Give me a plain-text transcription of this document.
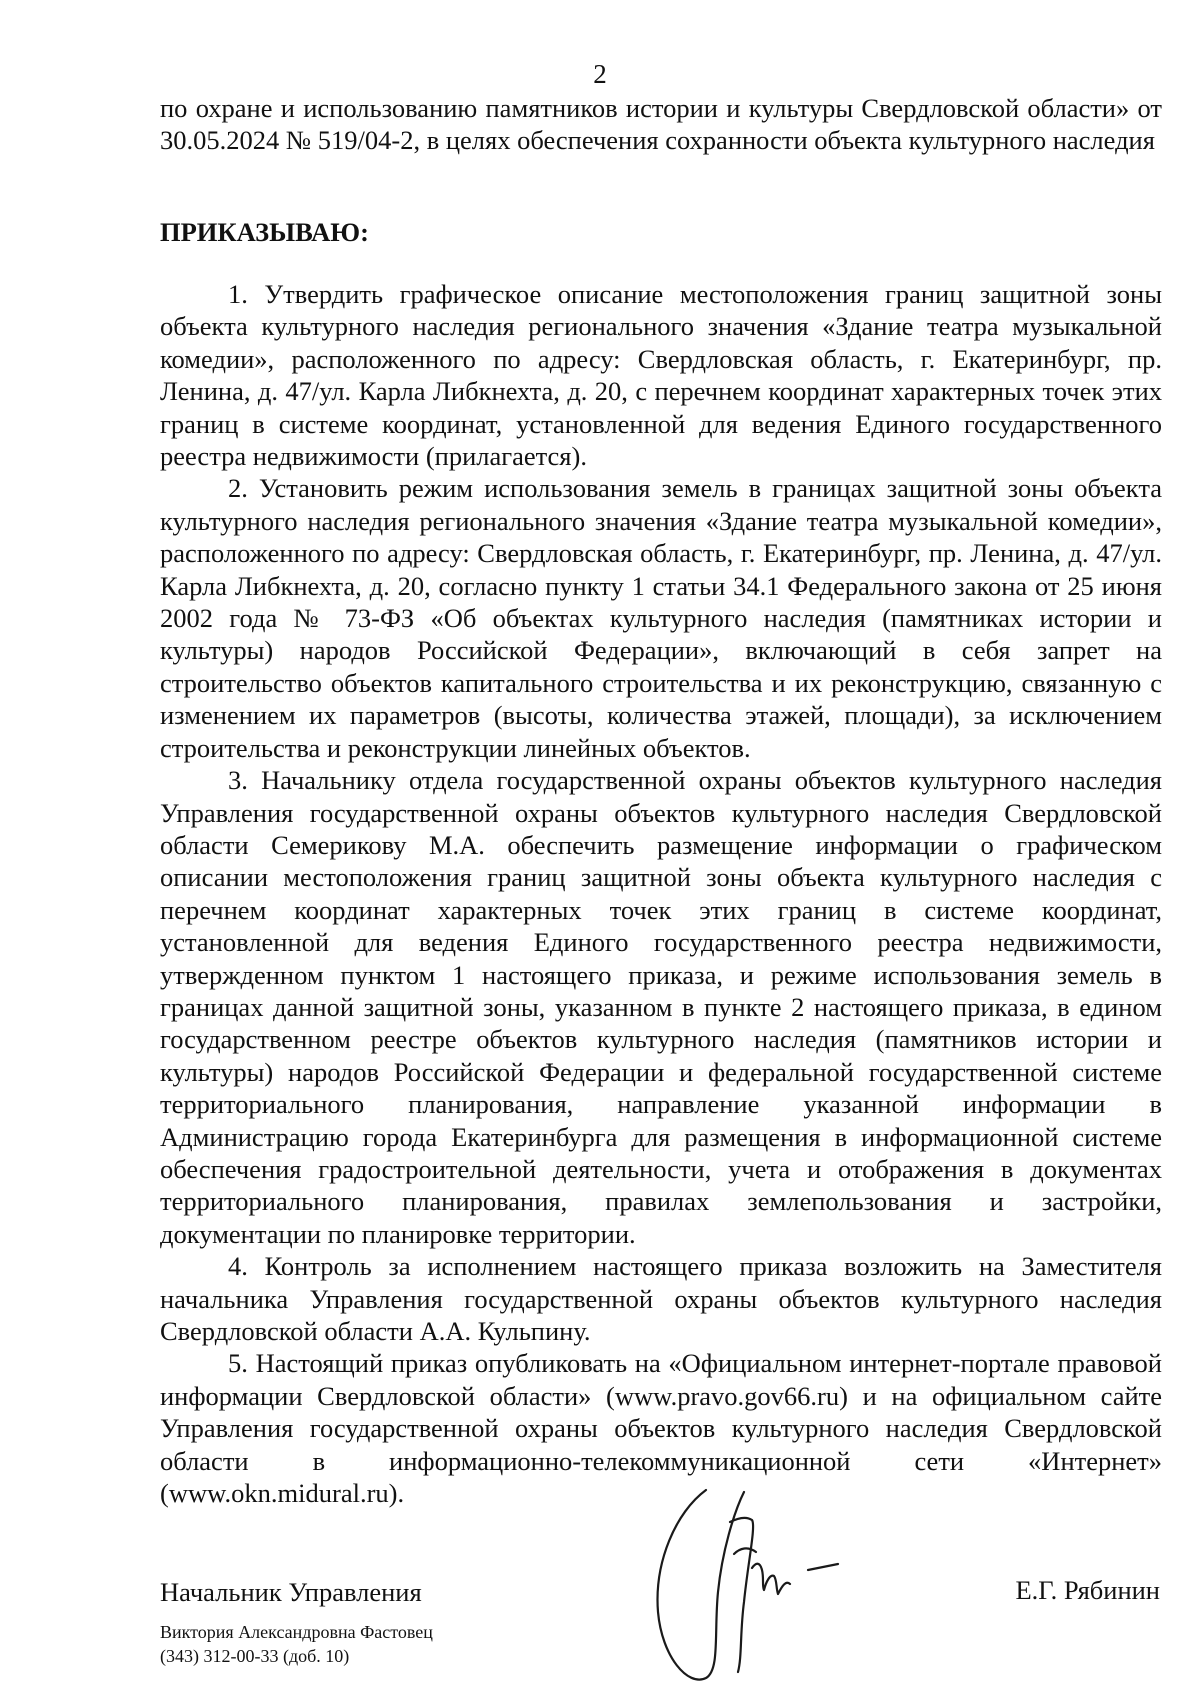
2
по охране и использованию памятников истории и культуры Свердловской области» от 30.05.2024 № 519/04-2, в целях обеспечения сохранности объекта культурного наследия
ПРИКАЗЫВАЮ:

1. Утвердить графическое описание местоположения границ защитной зоны объекта культурного наследия регионального значения «Здание театра музыкальной комедии», расположенного по адресу: Свердловская область, г. Екатеринбург, пр. Ленина, д. 47/ул. Карла Либкнехта, д. 20, с перечнем координат характерных точек этих границ в системе координат, установленной для ведения Единого государственного реестра недвижимости (прилагается).

2. Установить режим использования земель в границах защитной зоны объекта культурного наследия регионального значения «Здание театра музыкальной комедии», расположенного по адресу: Свердловская область, г. Екатеринбург, пр. Ленина, д. 47/ул. Карла Либкнехта, д. 20, согласно пункту 1 статьи 34.1 Федерального закона от 25 июня 2002 года № 73-ФЗ «Об объектах культурного наследия (памятниках истории и культуры) народов Российской Федерации», включающий в себя запрет на строительство объектов капитального строительства и их реконструкцию, связанную с изменением их параметров (высоты, количества этажей, площади), за исключением строительства и реконструкции линейных объектов.

3. Начальнику отдела государственной охраны объектов культурного наследия Управления государственной охраны объектов культурного наследия Свердловской области Семерикову М.А. обеспечить размещение информации о графическом описании местоположения границ защитной зоны объекта культурного наследия с перечнем координат характерных точек этих границ в системе координат, установленной для ведения Единого государственного реестра недвижимости, утвержденном пунктом 1 настоящего приказа, и режиме использования земель в границах данной защитной зоны, указанном в пункте 2 настоящего приказа, в едином государственном реестре объектов культурного наследия (памятников истории и культуры) народов Российской Федерации и федеральной государственной системе территориального планирования, направление указанной информации в Администрацию города Екатеринбурга для размещения в информационной системе обеспечения градостроительной деятельности, учета и отображения в документах территориального планирования, правилах землепользования и застройки, документации по планировке территории.

4. Контроль за исполнением настоящего приказа возложить на Заместителя начальника Управления государственной охраны объектов культурного наследия Свердловской области А.А. Кульпину.

5. Настоящий приказ опубликовать на «Официальном интернет-портале правовой информации Свердловской области» (www.pravo.gov66.ru) и на официальном сайте Управления государственной охраны объектов культурного наследия Свердловской области в информационно-телекоммуникационной сети «Интернет» (www.okn.midural.ru).

Начальник Управления	Е.Г. Рябинин
Виктория Александровна Фастовец
(343) 312-00-33 (доб. 10)
